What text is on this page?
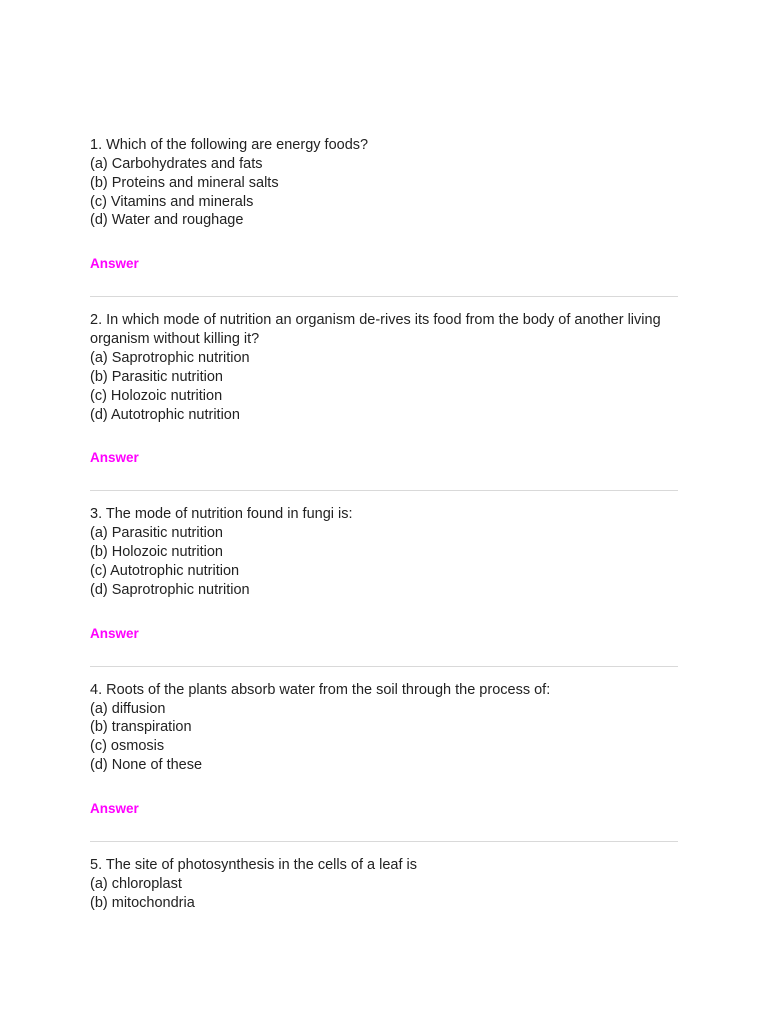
1. Which of the following are energy foods?

(a) Carbohydrates and fats

(b) Proteins and mineral salts

(c) Vitamins and minerals

(d) Water and roughage

Answer

2. In which mode of nutrition an organism de-rives its food from the body of another living organism without killing it?

(a) Saprotrophic nutrition

(b) Parasitic nutrition

(c) Holozoic nutrition

(d) Autotrophic nutrition

Answer

3. The mode of nutrition found in fungi is:

(a) Parasitic nutrition

(b) Holozoic nutrition

(c) Autotrophic nutrition

(d) Saprotrophic nutrition

Answer

4. Roots of the plants absorb water from the soil through the process of:

(a) diffusion

(b) transpiration

(c) osmosis

(d) None of these

Answer

5. The site of photosynthesis in the cells of a leaf is

(a) chloroplast

(b) mitochondria
